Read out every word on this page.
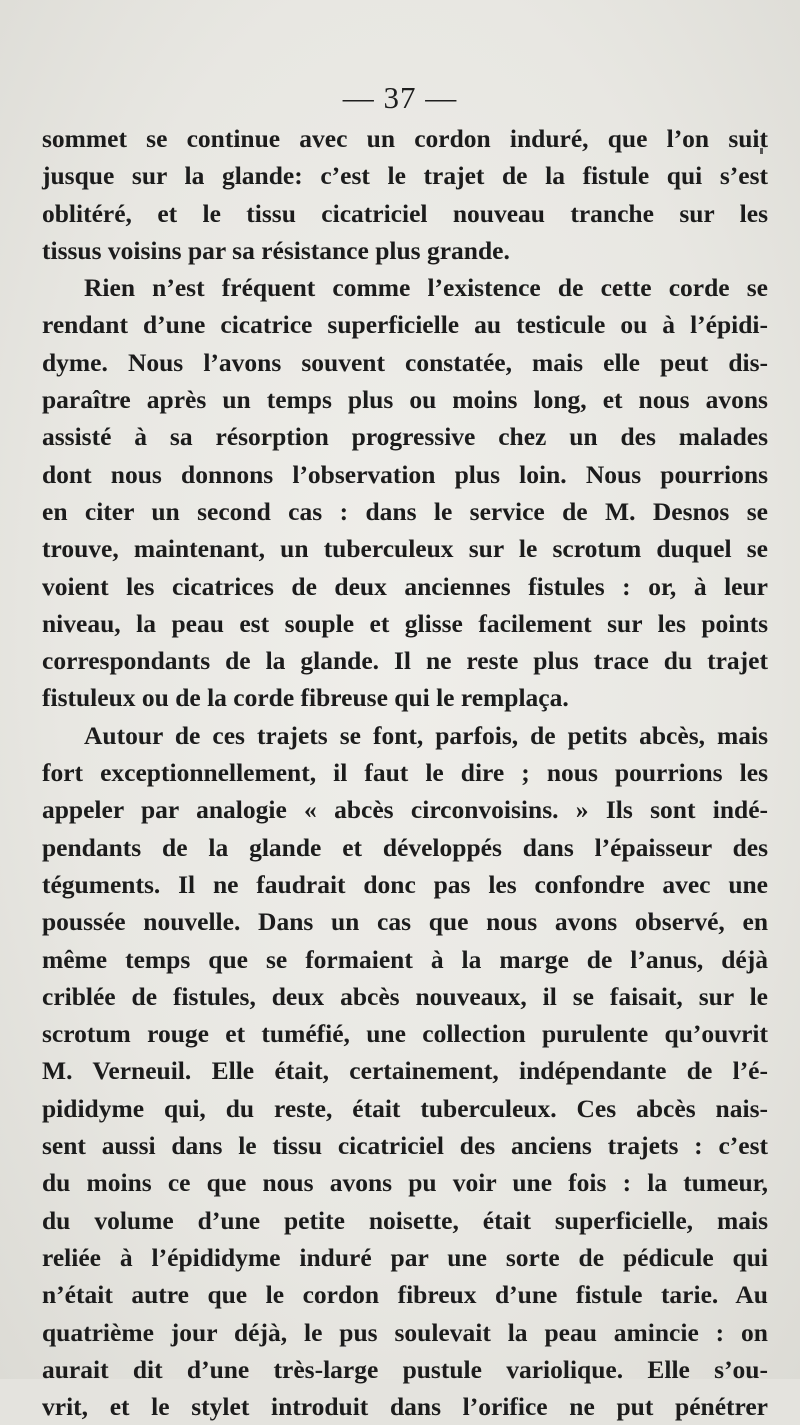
— 37 —
sommet se continue avec un cordon induré, que l’on suit
jusque sur la glande: c’est le trajet de la fistule qui s’est
oblitéré, et le tissu cicatriciel nouveau tranche sur les
tissus voisins par sa résistance plus grande.
Rien n’est fréquent comme l’existence de cette corde se
rendant d’une cicatrice superficielle au testicule ou à l’épidi-
dyme. Nous l’avons souvent constatée, mais elle peut dis-
paraître après un temps plus ou moins long, et nous avons
assisté à sa résorption progressive chez un des malades
dont nous donnons l’observation plus loin. Nous pourrions
en citer un second cas : dans le service de M. Desnos se
trouve, maintenant, un tuberculeux sur le scrotum duquel se
voient les cicatrices de deux anciennes fistules : or, à leur
niveau, la peau est souple et glisse facilement sur les points
correspondants de la glande. Il ne reste plus trace du trajet
fistuleux ou de la corde fibreuse qui le remplaça.
Autour de ces trajets se font, parfois, de petits abcès, mais
fort exceptionnellement, il faut le dire ; nous pourrions les
appeler par analogie « abcès circonvoisins. » Ils sont indé-
pendants de la glande et développés dans l’épaisseur des
téguments. Il ne faudrait donc pas les confondre avec une
poussée nouvelle. Dans un cas que nous avons observé, en
même temps que se formaient à la marge de l’anus, déjà
criblée de fistules, deux abcès nouveaux, il se faisait, sur le
scrotum rouge et tuméfié, une collection purulente qu’ouvrit
M. Verneuil. Elle était, certainement, indépendante de l’é-
pididyme qui, du reste, était tuberculeux. Ces abcès nais-
sent aussi dans le tissu cicatriciel des anciens trajets : c’est
du moins ce que nous avons pu voir une fois : la tumeur,
du volume d’une petite noisette, était superficielle, mais
reliée à l’épididyme induré par une sorte de pédicule qui
n’était autre que le cordon fibreux d’une fistule tarie. Au
quatrième jour déjà, le pus soulevait la peau amincie : on
aurait dit d’une très-large pustule variolique. Elle s’ou-
vrit, et le stylet introduit dans l’orifice ne put pénétrer
